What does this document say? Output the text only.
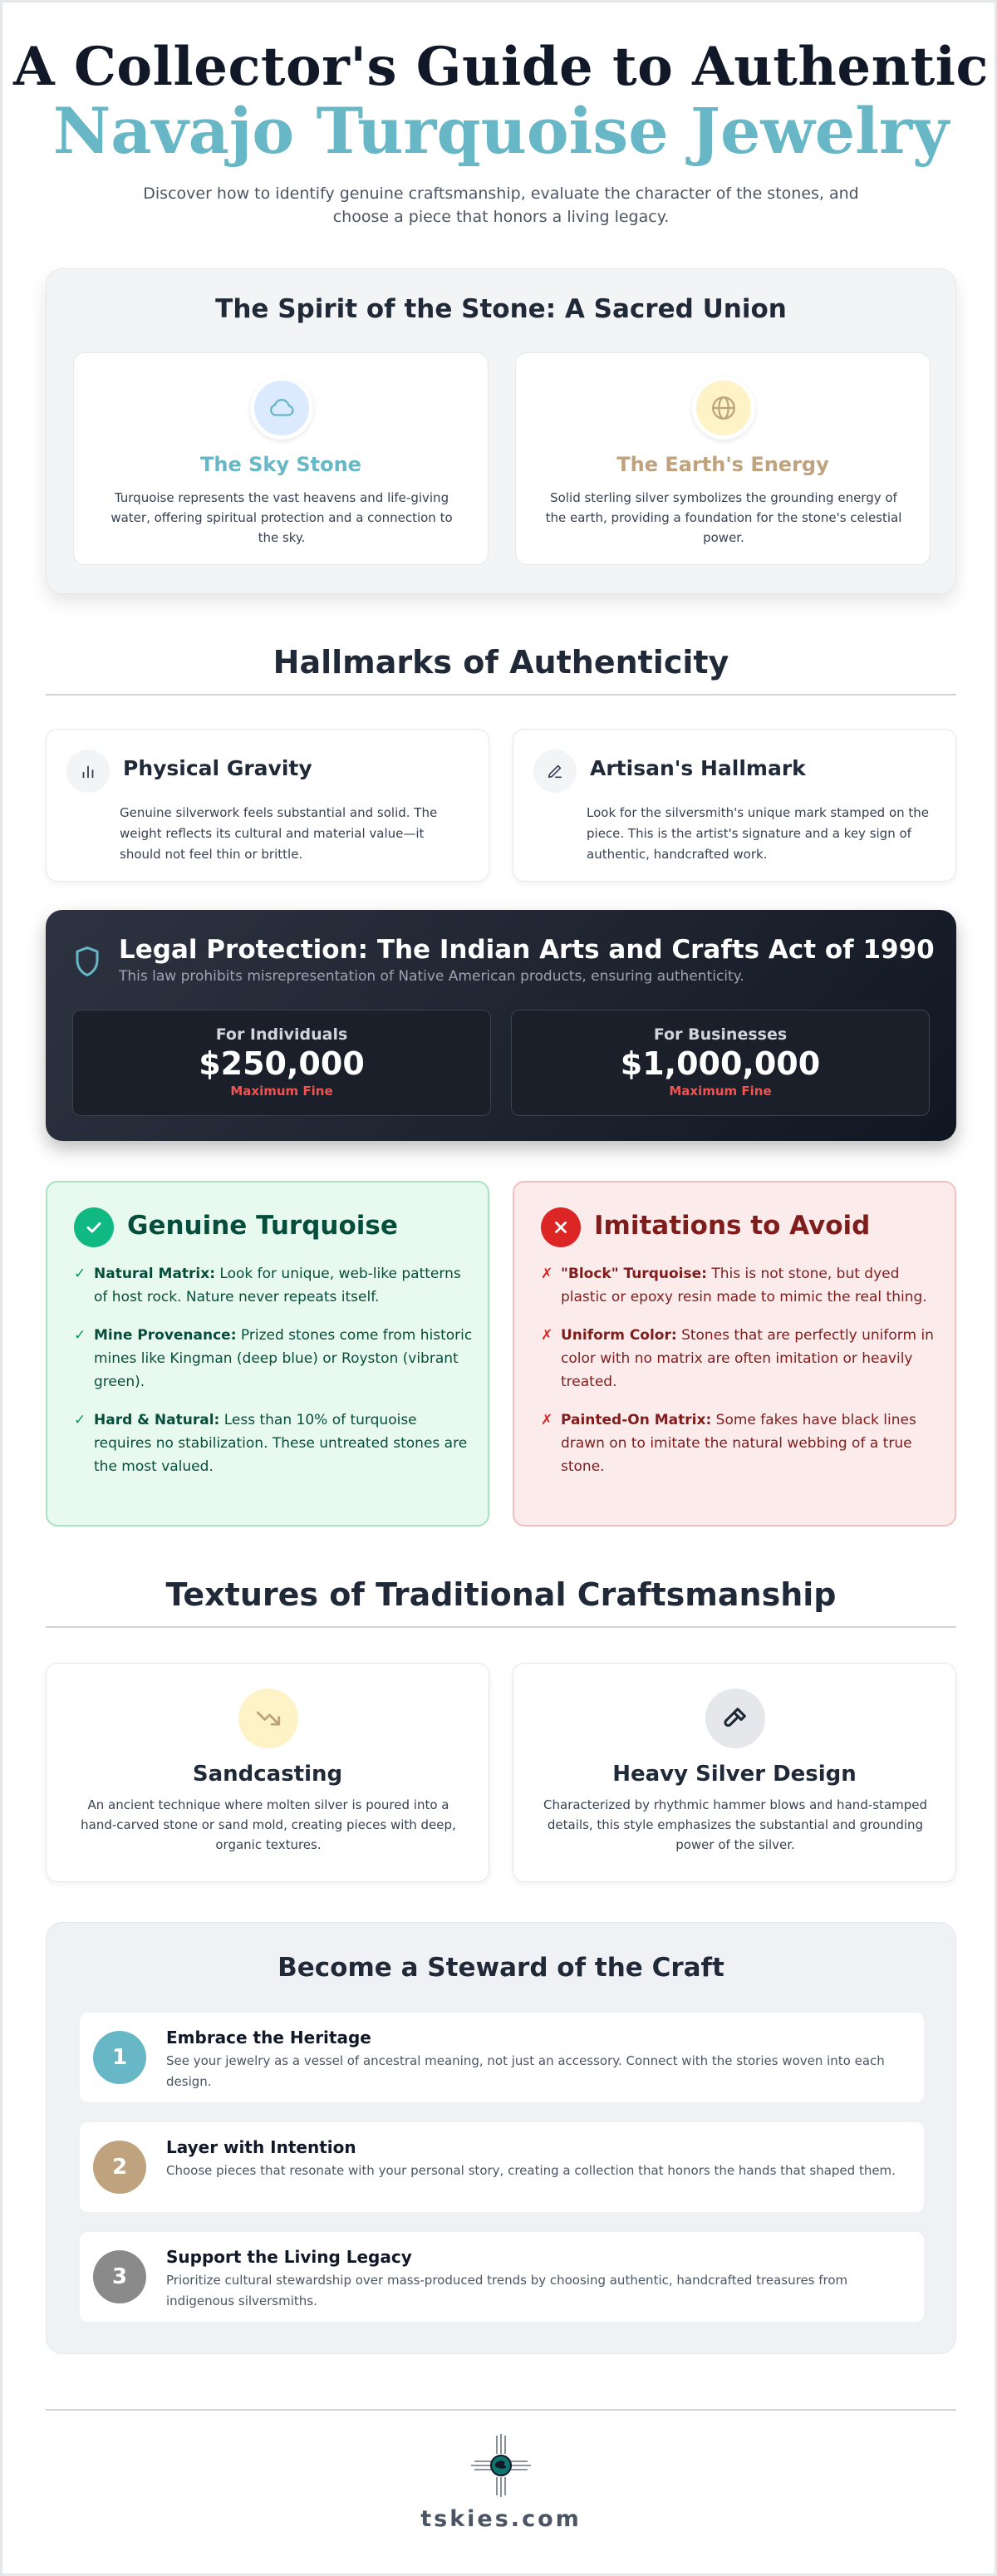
A Collector's Guide to Authentic
Navajo Turquoise Jewelry

Discover how to identify genuine craftsmanship, evaluate the character of the stones, and choose a piece that honors a living legacy.

The Spirit of the Stone: A Sacred Union
The Sky Stone

Turquoise represents the vast heavens and life-giving water, offering spiritual protection and a connection to the sky.

The Earth's Energy

Solid sterling silver symbolizes the grounding energy of the earth, providing a foundation for the stone's celestial power.

Hallmarks of Authenticity
Physical Gravity

Genuine silverwork feels substantial and solid. The weight reflects its cultural and material value—it should not feel thin or brittle.

Artisan's Hallmark

Look for the silversmith's unique mark stamped on the piece. This is the artist's signature and a key sign of authentic, handcrafted work.

Legal Protection: The Indian Arts and Crafts Act of 1990

This law prohibits misrepresentation of Native American products, ensuring authenticity.

For Individuals
$250,000
Maximum Fine
For Businesses
$1,000,000
Maximum Fine
Genuine Turquoise
✓ Natural Matrix: Look for unique, web-like patterns of host rock. Nature never repeats itself.
✓ Mine Provenance: Prized stones come from historic mines like Kingman (deep blue) or Royston (vibrant green).
✓ Hard & Natural: Less than 10% of turquoise requires no stabilization. These untreated stones are the most valued.
Imitations to Avoid
✗ "Block" Turquoise: This is not stone, but dyed plastic or epoxy resin made to mimic the real thing.
✗ Uniform Color: Stones that are perfectly uniform in color with no matrix are often imitation or heavily treated.
✗ Painted-On Matrix: Some fakes have black lines drawn on to imitate the natural webbing of a true stone.
Textures of Traditional Craftsmanship
Sandcasting

An ancient technique where molten silver is poured into a hand-carved stone or sand mold, creating pieces with deep, organic textures.

Heavy Silver Design

Characterized by rhythmic hammer blows and hand-stamped details, this style emphasizes the substantial and grounding power of the silver.

Become a Steward of the Craft
1
Embrace the Heritage

See your jewelry as a vessel of ancestral meaning, not just an accessory. Connect with the stories woven into each design.

2
Layer with Intention

Choose pieces that resonate with your personal story, creating a collection that honors the hands that shaped them.

3
Support the Living Legacy

Prioritize cultural stewardship over mass-produced trends by choosing authentic, handcrafted treasures from indigenous silversmiths.

tskies.com
